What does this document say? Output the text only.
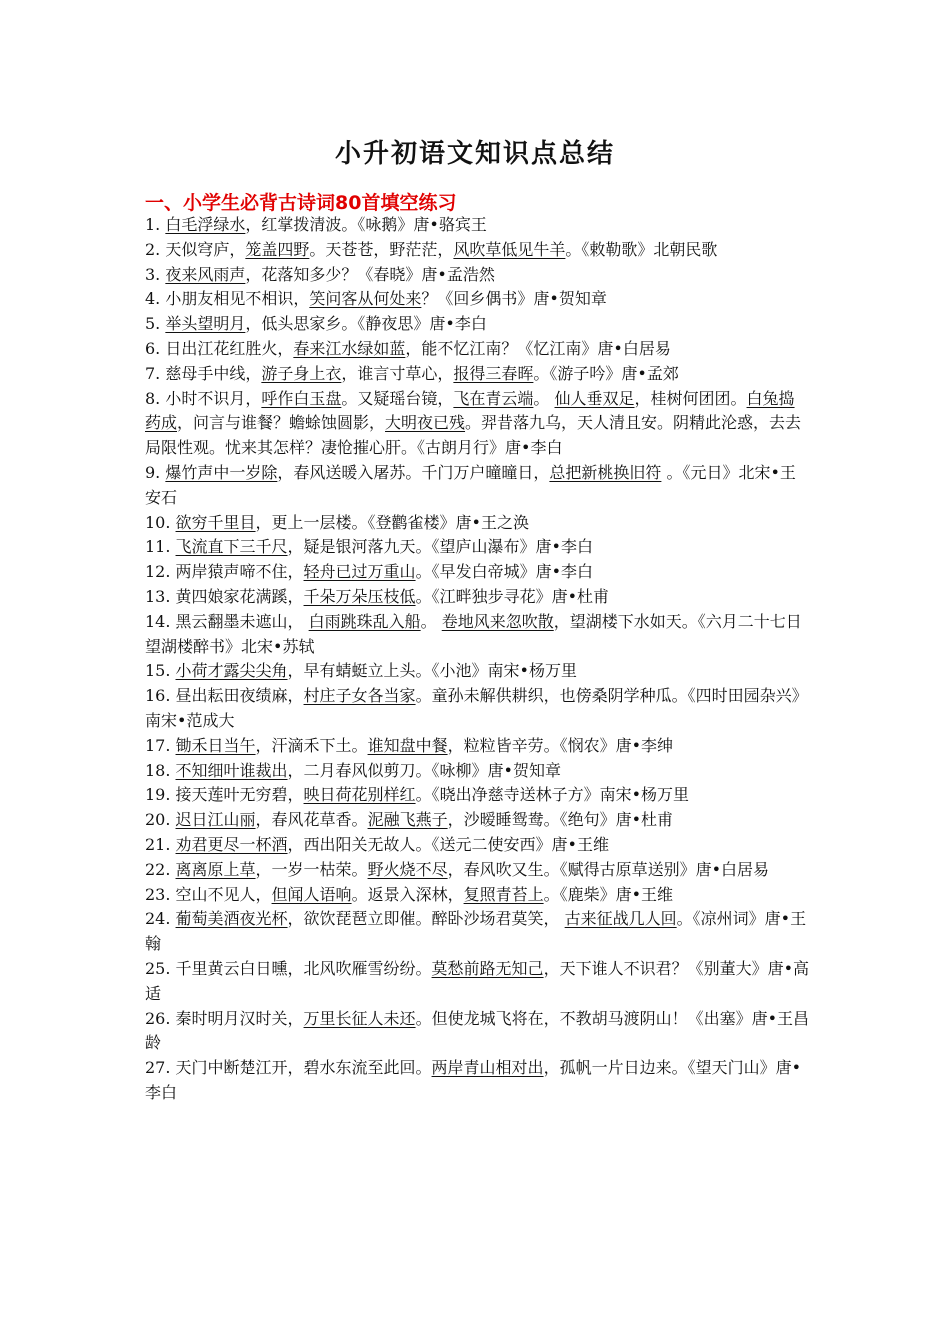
小升初语文知识点总结
一、小学生必背古诗词80首填空练习

1. 白毛浮绿水，红掌拨清波。《咏鹅》唐•骆宾王

2. 天似穹庐，笼盖四野。天苍苍，野茫茫，风吹草低见牛羊。《敕勒歌》北朝民歌

3. 夜来风雨声，花落知多少？《春晓》唐•孟浩然

4. 小朋友相见不相识，笑问客从何处来？《回乡偶书》唐•贺知章

5. 举头望明月，低头思家乡。《静夜思》唐•李白

6. 日出江花红胜火，春来江水绿如蓝，能不忆江南？《忆江南》唐•白居易

7. 慈母手中线，游子身上衣，谁言寸草心，报得三春晖。《游子吟》唐•孟郊

8. 小时不识月，呼作白玉盘。又疑瑶台镜，飞在青云端。 仙人垂双足，桂树何团团。白兔捣药成，问言与谁餐？蟾蜍蚀圆影，大明夜已残。羿昔落九乌，天人清且安。阴精此沦惑，去去局限性观。忧来其怎样？凄怆摧心肝。《古朗月行》唐•李白

9. 爆竹声中一岁除，春风送暖入屠苏。千门万户曈曈日，总把新桃换旧符 。《元日》北宋•王安石

10. 欲穷千里目，更上一层楼。《登鹳雀楼》唐•王之涣

11. 飞流直下三千尺，疑是银河落九天。《望庐山瀑布》唐•李白

12. 两岸猿声啼不住，轻舟已过万重山。《早发白帝城》唐•李白

13. 黄四娘家花满蹊，千朵万朵压枝低。《江畔独步寻花》唐•杜甫

14. 黑云翻墨未遮山， 白雨跳珠乱入船。 卷地风来忽吹散，望湖楼下水如天。《六月二十七日望湖楼醉书》北宋•苏轼

15. 小荷才露尖尖角，早有蜻蜓立上头。《小池》南宋•杨万里

16. 昼出耘田夜绩麻，村庄子女各当家。童孙未解供耕织，也傍桑阴学种瓜。《四时田园杂兴》南宋•范成大

17. 锄禾日当午，汗滴禾下土。谁知盘中餐，粒粒皆辛劳。《悯农》唐•李绅

18. 不知细叶谁裁出，二月春风似剪刀。《咏柳》唐•贺知章

19. 接天莲叶无穷碧，映日荷花别样红。《晓出净慈寺送林子方》南宋•杨万里

20. 迟日江山丽，春风花草香。泥融飞燕子，沙暧睡鸳鸯。《绝句》唐•杜甫

21. 劝君更尽一杯酒，西出阳关无故人。《送元二使安西》唐•王维

22. 离离原上草，一岁一枯荣。野火烧不尽，春风吹又生。《赋得古原草送别》唐•白居易

23. 空山不见人，但闻人语响。返景入深林，复照青苔上。《鹿柴》唐•王维

24. 葡萄美酒夜光杯，欲饮琵琶立即催。醉卧沙场君莫笑， 古来征战几人回。《凉州词》唐•王翰

25. 千里黄云白日曛，北风吹雁雪纷纷。莫愁前路无知己，天下谁人不识君？《别董大》唐•高适

26. 秦时明月汉时关，万里长征人未还。但使龙城飞将在，不教胡马渡阴山！《出塞》唐•王昌龄

27. 天门中断楚江开，碧水东流至此回。两岸青山相对出，孤帆一片日边来。《望天门山》唐•李白
